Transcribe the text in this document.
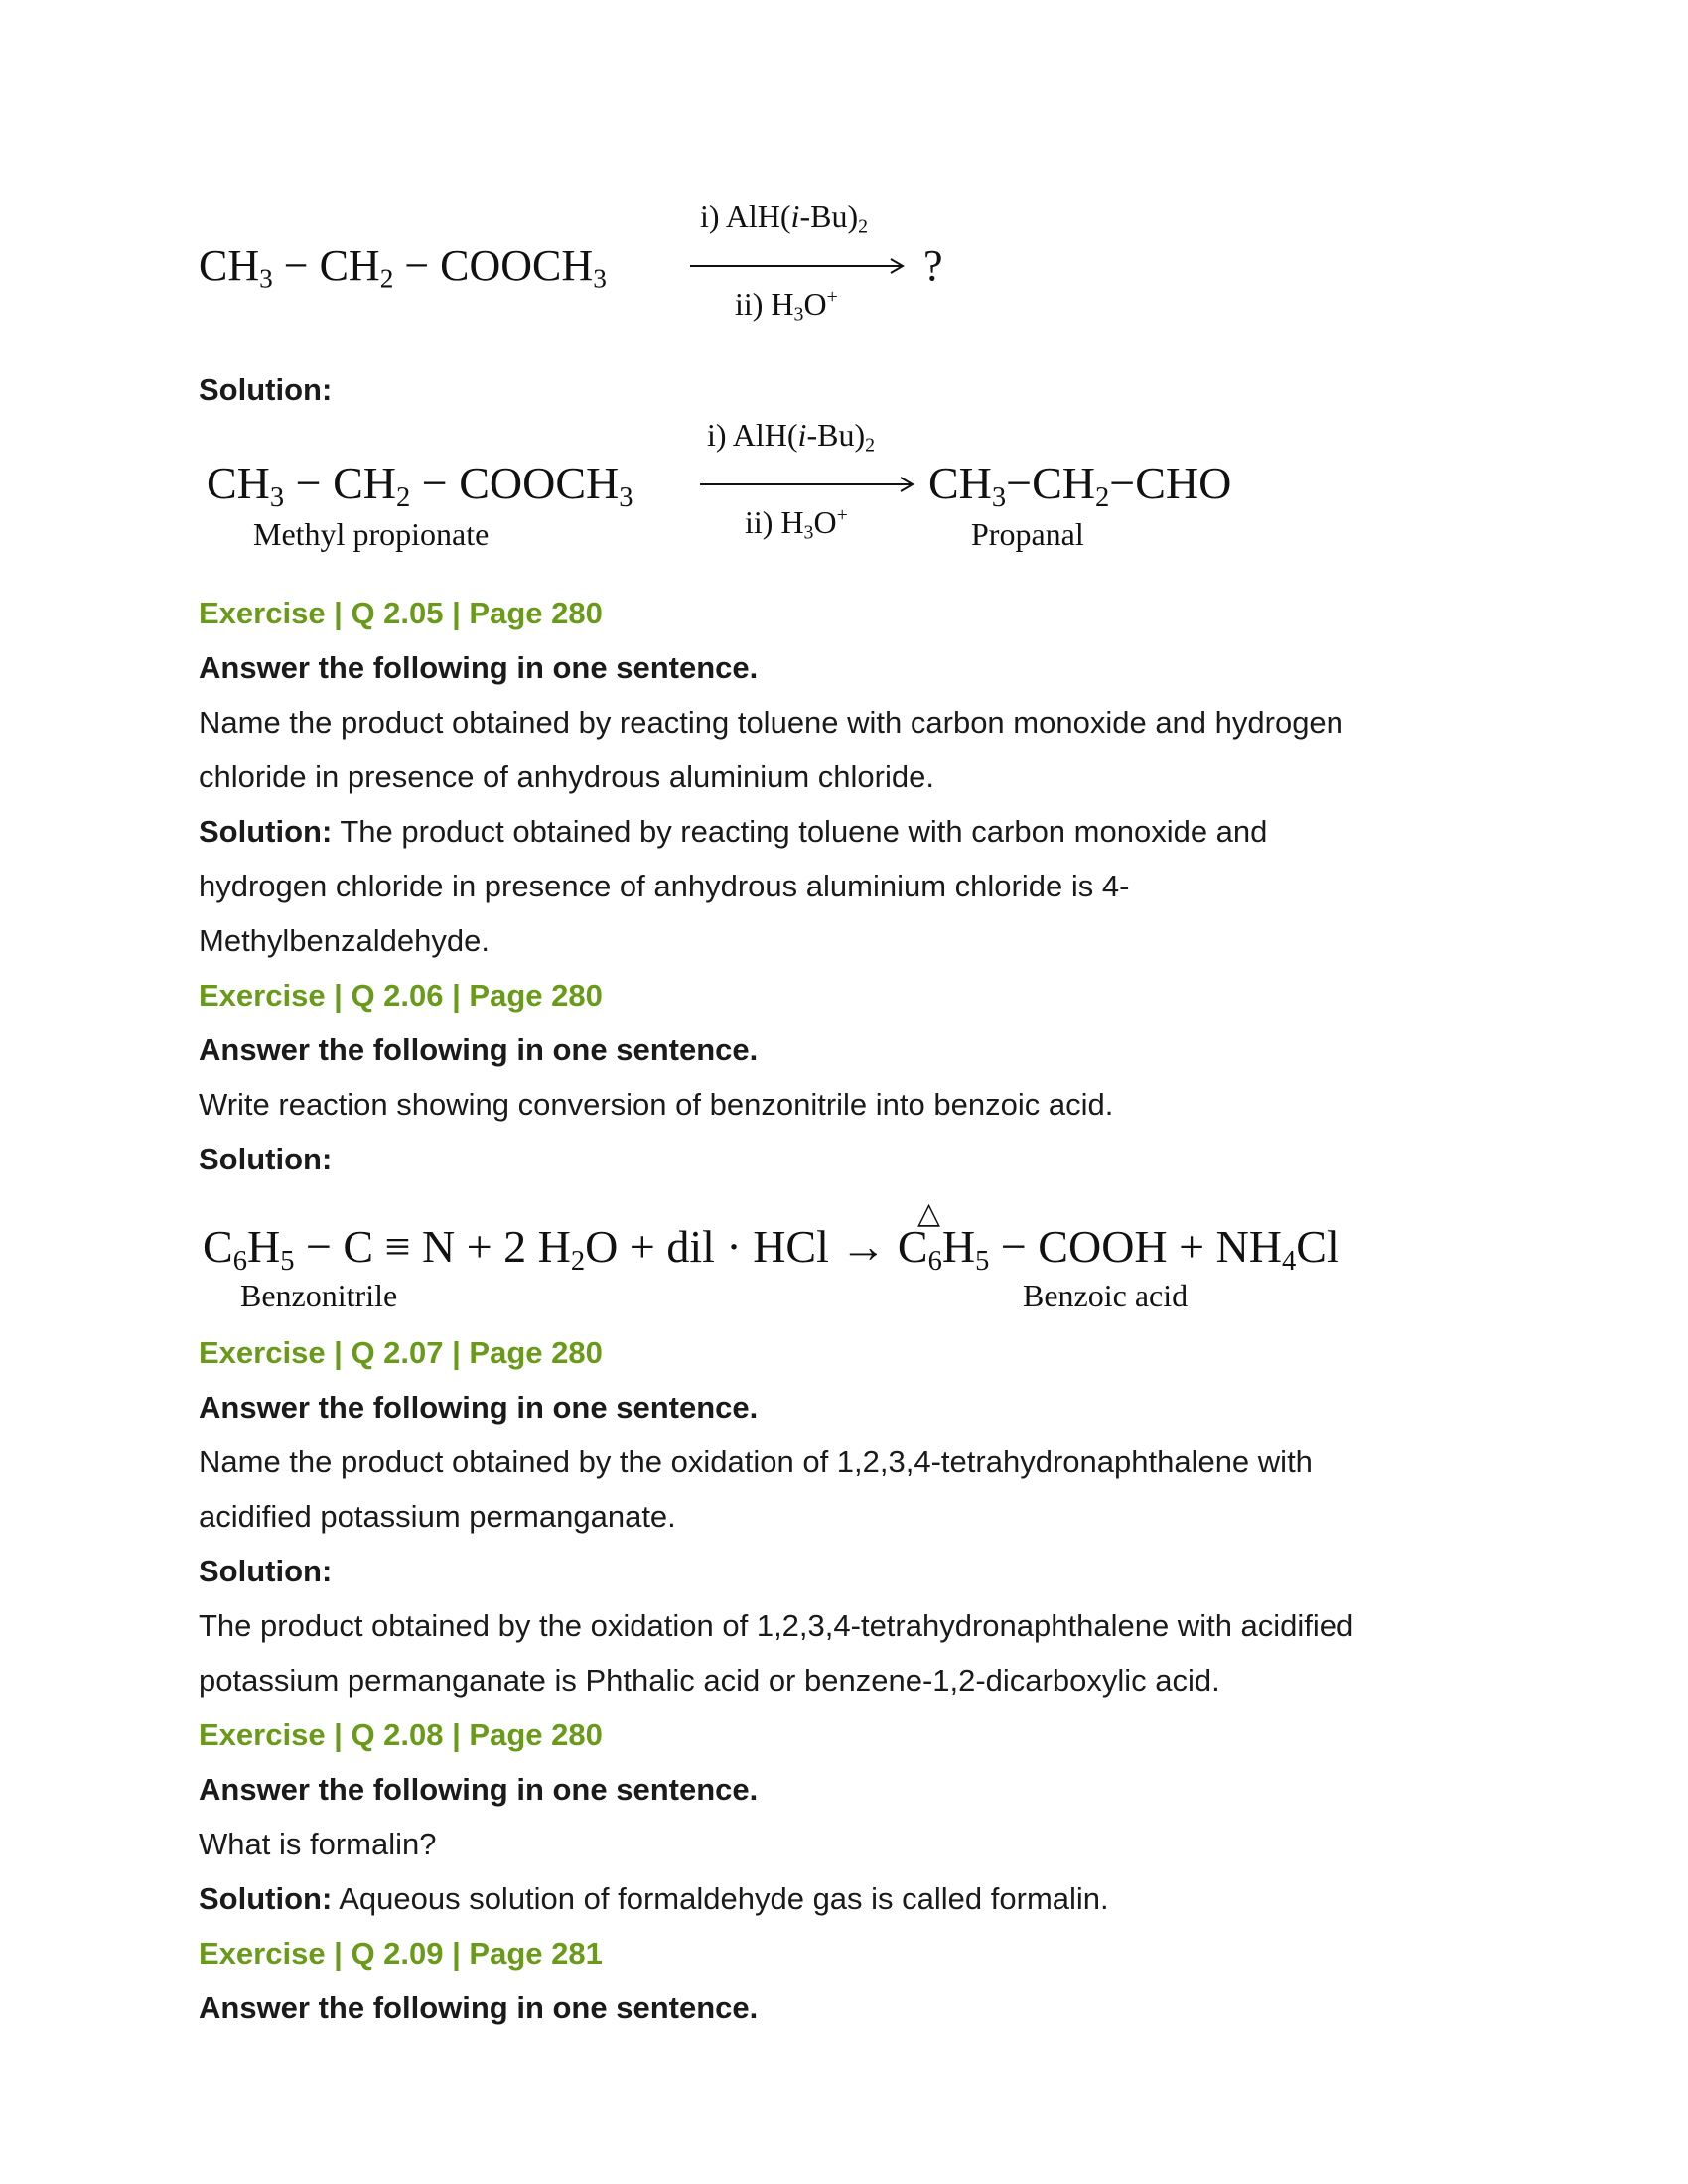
$CH_3 - CH_2$ − $COOCH_3$
i) $AlH(i-Bu)_2$
ii) $H_3O^+$
?
Solution:
$CH_3 - CH_2$ − $COOCH_3$
Methyl propionate
i) $AlH(i-Bu)_2$
ii) $H_3O^+$
$CH_3-CH_2-CHO$
Propanal
Exercise | Q 2.05 | Page 280
Answer the following in one sentence.
Name the product obtained by reacting toluene with carbon monoxide and hydrogen
chloride in presence of anhydrous aluminium chloride.
Solution: The product obtained by reacting toluene with carbon monoxide and
hydrogen chloride in presence of anhydrous aluminium chloride is 4-
Methylbenzaldehyde.
Exercise | Q 2.06 | Page 280
Answer the following in one sentence.
Write reaction showing conversion of benzonitrile into benzoic acid.
Solution:
△
$C_6H_5 - C \equiv N + 2$ $H_2O$ + dil · HCl → $C_6H_5$ − COOH + $NH_4Cl$
Benzonitrile	Benzoic acid
Exercise | Q 2.07 | Page 280
Answer the following in one sentence.
Name the product obtained by the oxidation of 1,2,3,4-tetrahydronaphthalene with
acidified potassium permanganate.
Solution:
The product obtained by the oxidation of 1,2,3,4-tetrahydronaphthalene with acidified
potassium permanganate is Phthalic acid or benzene-1,2-dicarboxylic acid.
Exercise | Q 2.08 | Page 280
Answer the following in one sentence.
What is formalin?
Solution: Aqueous solution of formaldehyde gas is called formalin.
Exercise | Q 2.09 | Page 281
Answer the following in one sentence.
